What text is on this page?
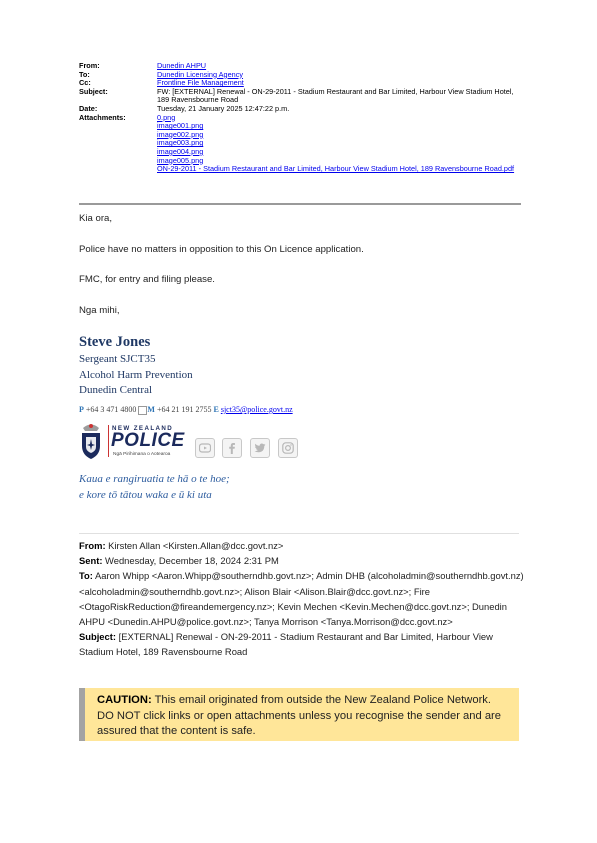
From:	Dunedin AHPU
To:	Dunedin Licensing Agency
Cc:	Frontline File Management
Subject:	FW: [EXTERNAL] Renewal - ON-29-2011 - Stadium Restaurant and Bar Limited, Harbour View Stadium Hotel, 189 Ravensbourne Road
Date:	Tuesday, 21 January 2025 12:47:22 p.m.
Attachments:	0.png
image001.png
image002.png
image003.png
image004.png
image005.png
ON-29-2011 - Stadium Restaurant and Bar Limited, Harbour View Stadium Hotel, 189 Ravensbourne Road.pdf
Kia ora,
Police have no matters in opposition to this On Licence application.
FMC, for entry and filing please.
Nga mihi,
Steve Jones
Sergeant SJCT35
Alcohol Harm Prevention
Dunedin Central
P +64 3 471 4800 M +64 21 191 2755 E sjct35@police.govt.nz
NEW ZEALAND
POLICE
Ngā Pirihimana o Aotearoa
Kaua e rangiruatia te hā o te hoe;
e kore tō tātou waka e ū ki uta
From: Kirsten Allan <Kirsten.Allan@dcc.govt.nz>
Sent: Wednesday, December 18, 2024 2:31 PM
To: Aaron Whipp <Aaron.Whipp@southerndhb.govt.nz>; Admin DHB (alcoholadmin@southerndhb.govt.nz) <alcoholadmin@southerndhb.govt.nz>; Alison Blair <Alison.Blair@dcc.govt.nz>; Fire <OtagoRiskReduction@fireandemergency.nz>; Kevin Mechen <Kevin.Mechen@dcc.govt.nz>; Dunedin AHPU <Dunedin.AHPU@police.govt.nz>; Tanya Morrison <Tanya.Morrison@dcc.govt.nz>
Subject: [EXTERNAL] Renewal - ON-29-2011 - Stadium Restaurant and Bar Limited, Harbour View Stadium Hotel, 189 Ravensbourne Road
CAUTION: This email originated from outside the New Zealand Police Network. DO NOT click links or open attachments unless you recognise the sender and are assured that the content is safe.
